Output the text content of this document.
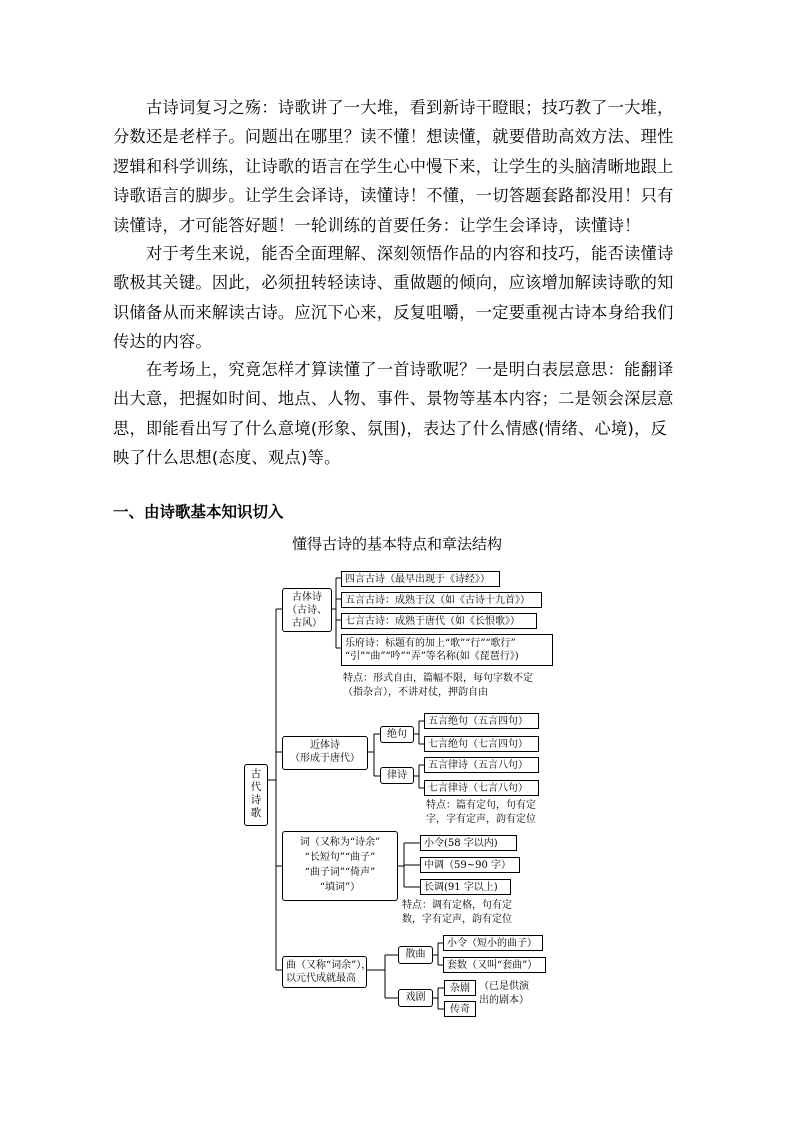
古诗词复习之殇：诗歌讲了一大堆，看到新诗干瞪眼；技巧教了一大堆，分数还是老样子。问题出在哪里？读不懂！想读懂，就要借助高效方法、理性逻辑和科学训练，让诗歌的语言在学生心中慢下来，让学生的头脑清晰地跟上诗歌语言的脚步。让学生会译诗，读懂诗！不懂，一切答题套路都没用！只有读懂诗，才可能答好题！一轮训练的首要任务：让学生会译诗，读懂诗！

对于考生来说，能否全面理解、深刻领悟作品的内容和技巧，能否读懂诗歌极其关键。因此，必须扭转轻读诗、重做题的倾向，应该增加解读诗歌的知识储备从而来解读古诗。应沉下心来，反复咀嚼，一定要重视古诗本身给我们传达的内容。

在考场上，究竟怎样才算读懂了一首诗歌呢？一是明白表层意思：能翻译出大意，把握如时间、地点、人物、事件、景物等基本内容；二是领会深层意思，即能看出写了什么意境(形象、氛围)，表达了什么情感(情绪、心境)，反映了什么思想(态度、观点)等。

一、由诗歌基本知识切入

懂得古诗的基本特点和章法结构

古代诗歌
古体诗
（古诗、
古风）
四言古诗（最早出现于《诗经》）
五言古诗：成熟于汉（如《古诗十九首》）
七言古诗：成熟于唐代（如《长恨歌》）
乐府诗：标题有的加上“歌”“行”“歌行”
“引”“曲”“吟”“弄”等名称(如《琵琶行》)
特点：形式自由，篇幅不限，每句字数不定
（指杂言），不讲对仗，押韵自由
近体诗
（形成于唐代）
绝句
五言绝句（五言四句）
七言绝句（七言四句）
律诗
五言律诗（五言八句）
七言律诗（七言八句）
特点：篇有定句，句有定
字，字有定声，韵有定位
词（又称为“诗余”
“长短句”“曲子”
“曲子词”“倚声”
“填词”）
小令(58 字以内)
中调（59~90 字）
长调(91 字以上)
特点：调有定格，句有定
数，字有定声，韵有定位
曲（又称“词余”），
以元代成就最高
散曲
小令（短小的曲子）
套数（又叫“套曲”）
戏剧
杂剧
传奇
（已是供演
出的剧本）
